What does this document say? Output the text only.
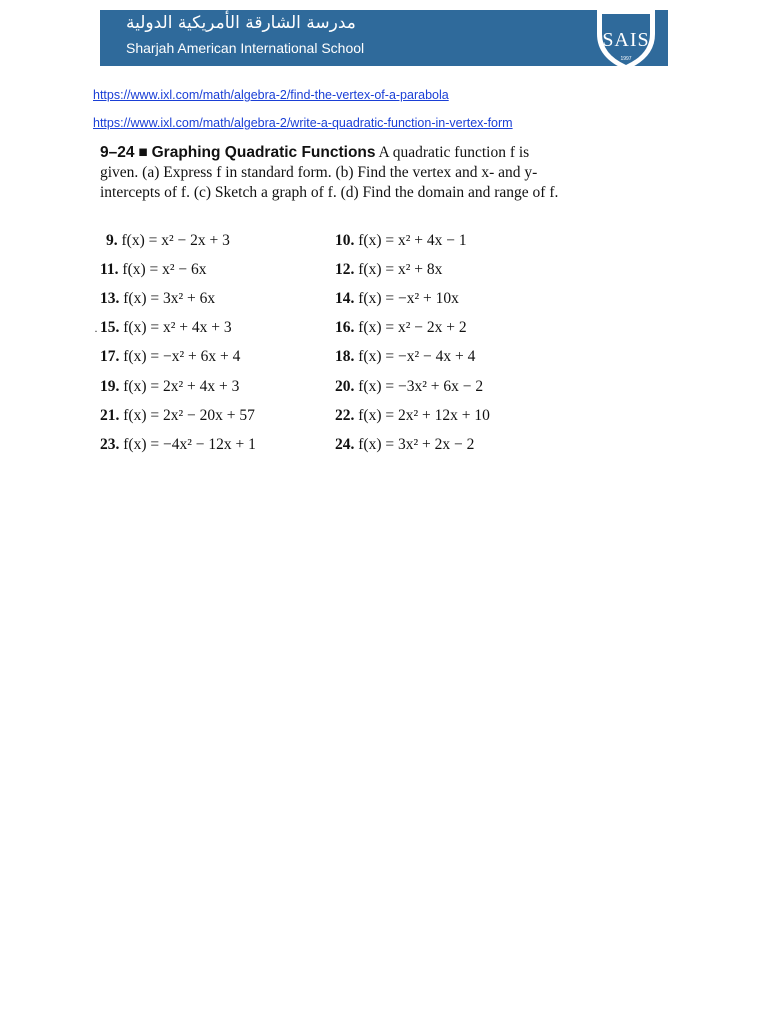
مدرسة الشارقة الأمريكية الدولية
Sharjah American International School	SAIS
1997
https://www.ixl.com/math/algebra-2/find-the-vertex-of-a-parabola
https://www.ixl.com/math/algebra-2/write-a-quadratic-function-in-vertex-form
9–24 ■ Graphing Quadratic Functions A quadratic function f is given. (a) Express f in standard form. (b) Find the vertex and x- and y-intercepts of f. (c) Sketch a graph of f. (d) Find the domain and range of f.
·
9. f(x) = x² − 2x + 3	10. f(x) = x² + 4x − 1
11. f(x) = x² − 6x	12. f(x) = x² + 8x
13. f(x) = 3x² + 6x	14. f(x) = −x² + 10x
15. f(x) = x² + 4x + 3	16. f(x) = x² − 2x + 2
17. f(x) = −x² + 6x + 4	18. f(x) = −x² − 4x + 4
19. f(x) = 2x² + 4x + 3	20. f(x) = −3x² + 6x − 2
21. f(x) = 2x² − 20x + 57	22. f(x) = 2x² + 12x + 10
23. f(x) = −4x² − 12x + 1	24. f(x) = 3x² + 2x − 2
